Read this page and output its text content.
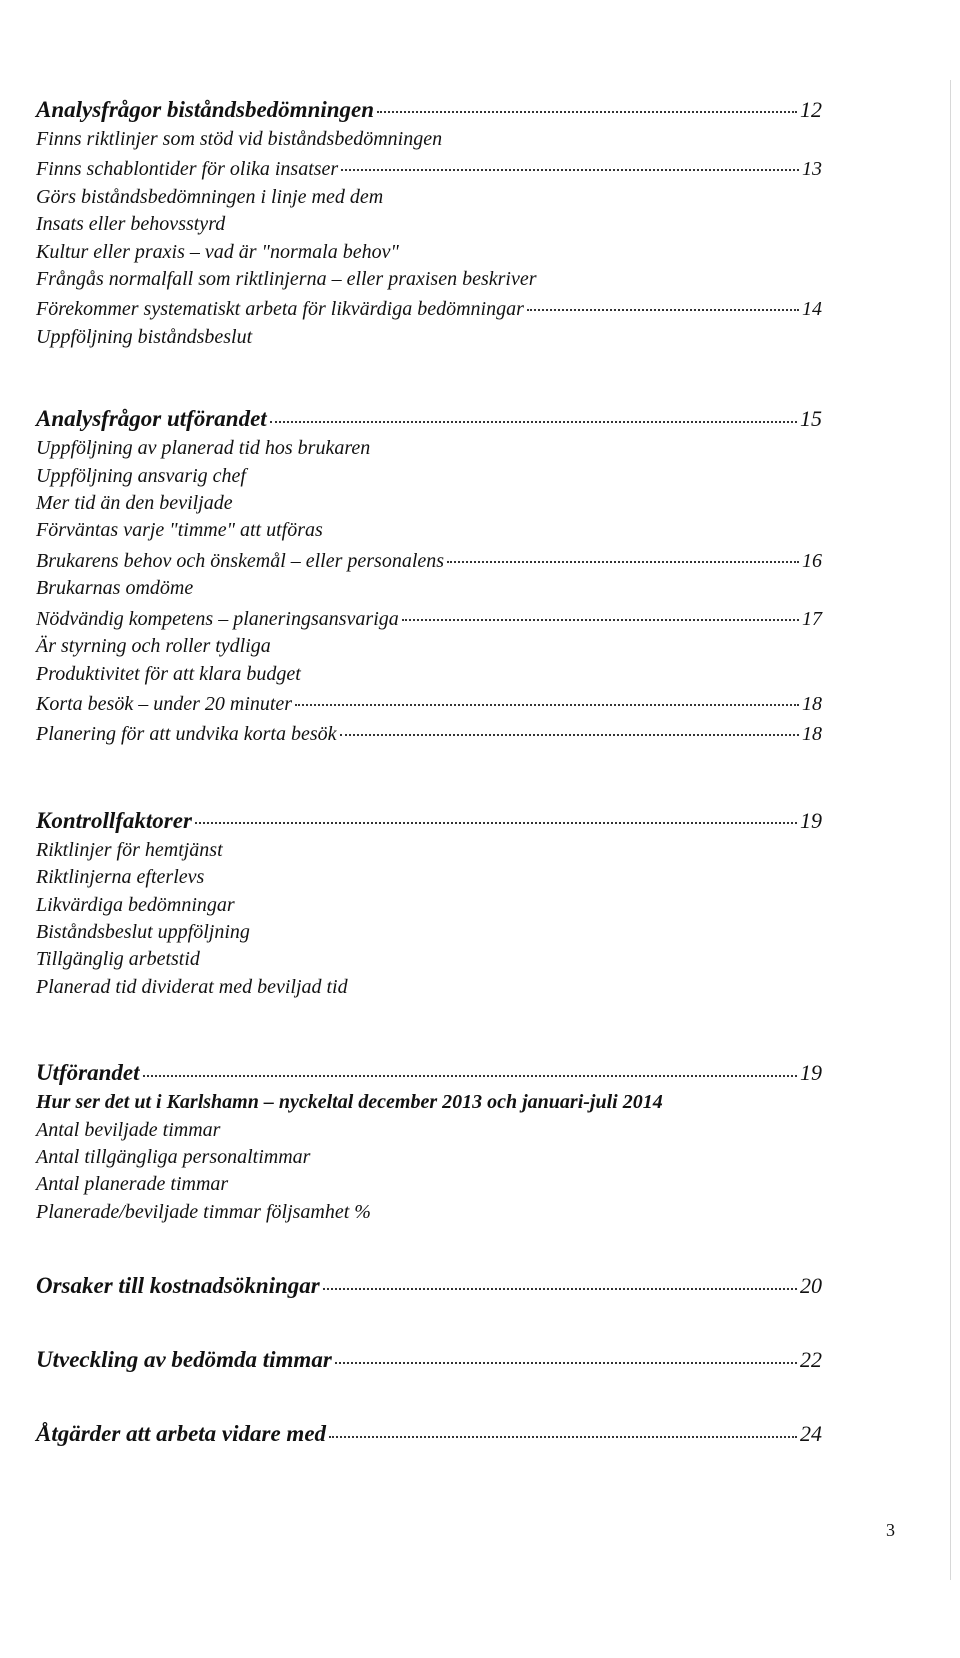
Analysfrågor biståndsbedömningen	12
Finns riktlinjer som stöd vid biståndsbedömningen
Finns schablontider för olika insatser	13
Görs biståndsbedömningen i linje med dem
Insats eller behovsstyrd
Kultur eller praxis – vad är "normala behov"
Frångås normalfall som riktlinjerna – eller praxisen beskriver
Förekommer systematiskt arbeta för likvärdiga bedömningar	14
Uppföljning biståndsbeslut
Analysfrågor utförandet	15
Uppföljning av planerad tid hos brukaren
Uppföljning ansvarig chef
Mer tid än den beviljade
Förväntas varje "timme" att utföras
Brukarens behov och önskemål – eller personalens	16
Brukarnas omdöme
Nödvändig kompetens – planeringsansvariga	17
Är styrning och roller tydliga
Produktivitet för att klara budget
Korta besök – under 20 minuter	18
Planering för att undvika korta besök	18
Kontrollfaktorer	19
Riktlinjer för hemtjänst
Riktlinjerna efterlevs
Likvärdiga bedömningar
Biståndsbeslut uppföljning
Tillgänglig arbetstid
Planerad tid dividerat med beviljad tid
Utförandet	19
Hur ser det ut i Karlshamn – nyckeltal december 2013 och januari-juli 2014
Antal beviljade timmar
Antal tillgängliga personaltimmar
Antal planerade timmar
Planerade/beviljade timmar följsamhet %
Orsaker till kostnadsökningar	20
Utveckling av bedömda timmar	22
Åtgärder att arbeta vidare med	24
3
